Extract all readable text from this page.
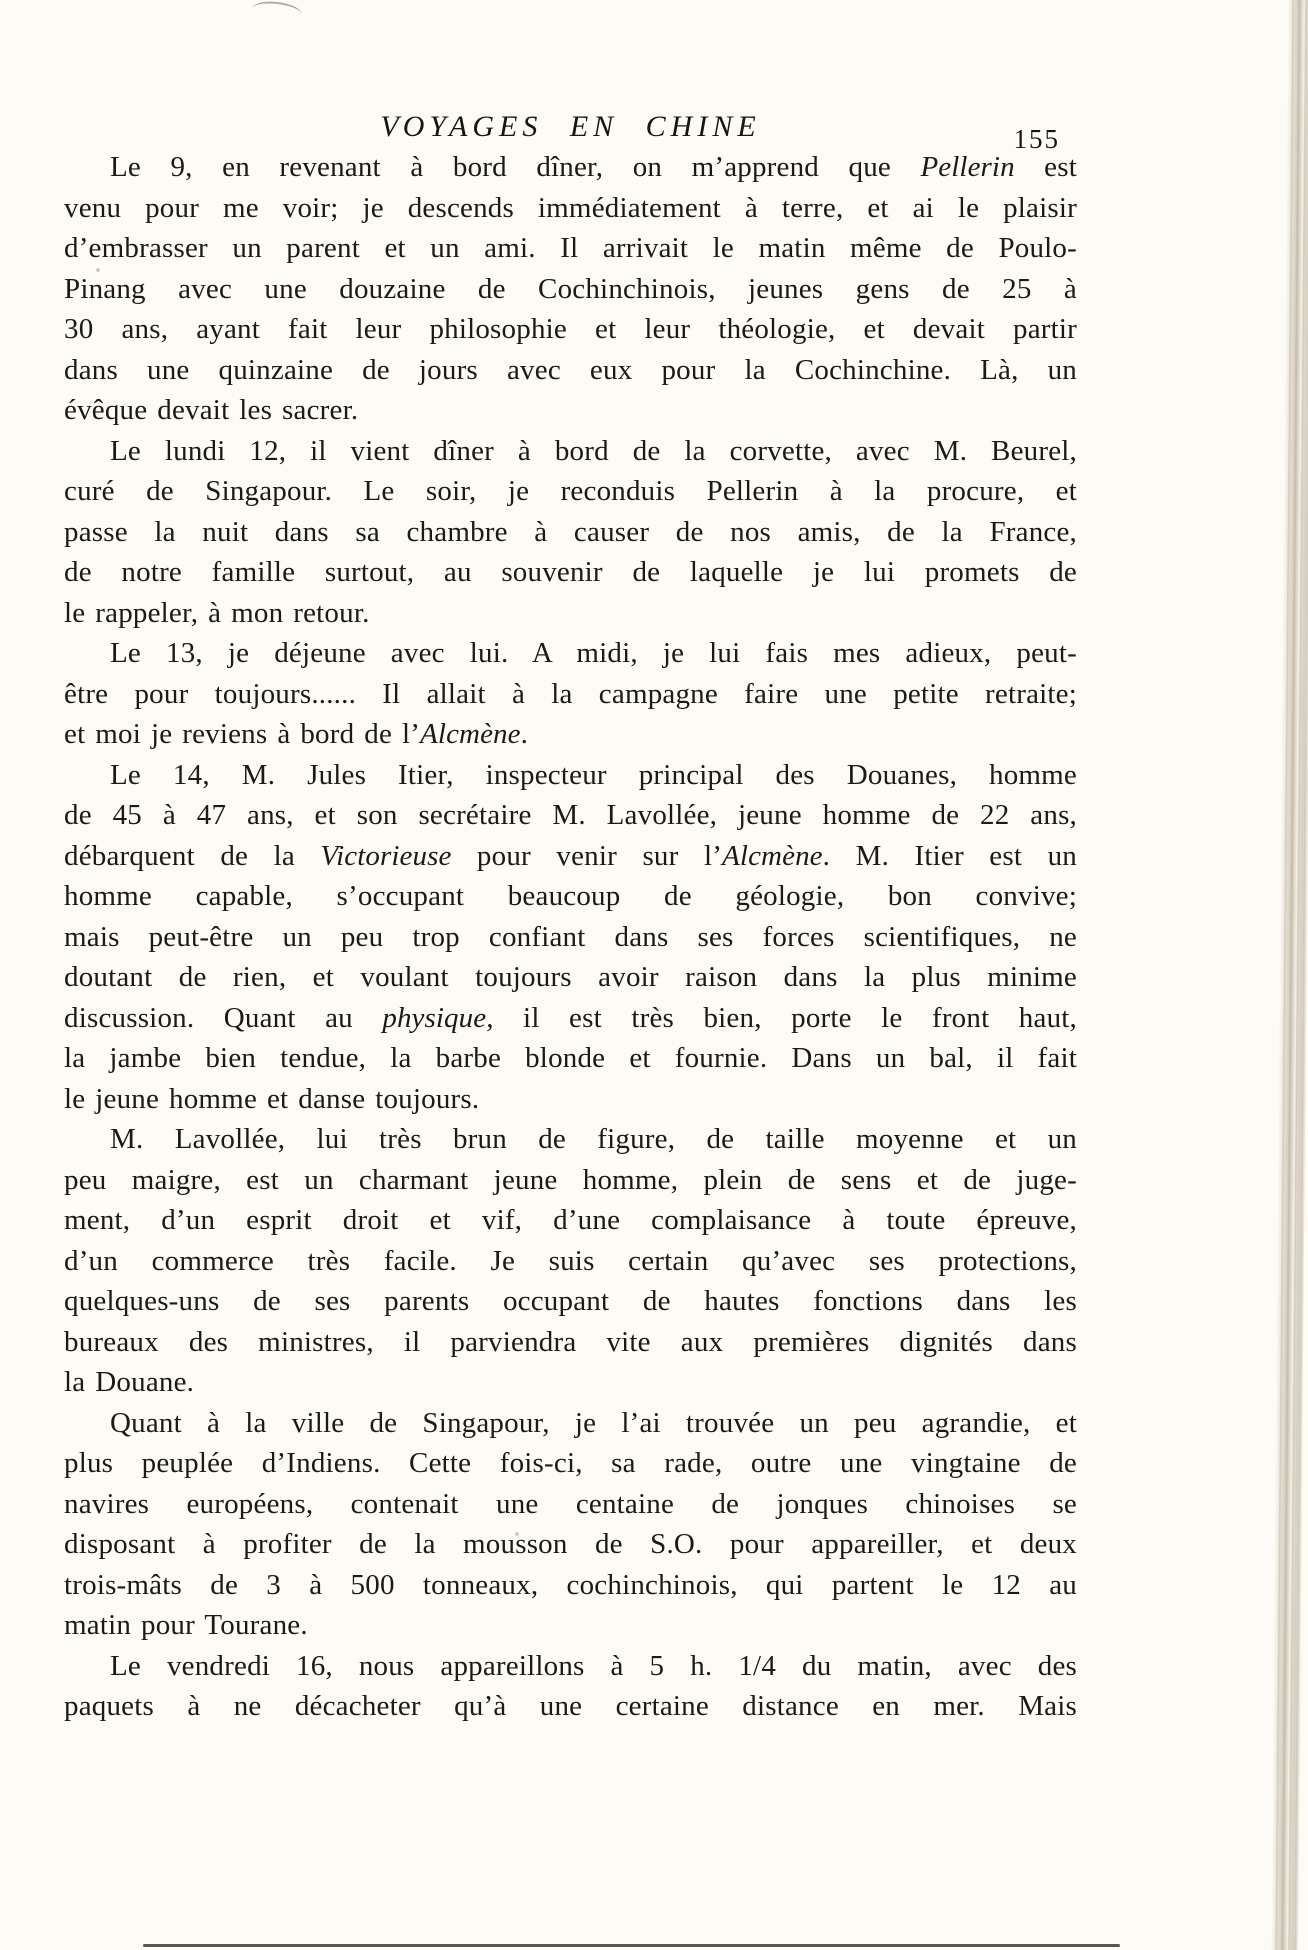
VOYAGES EN CHINE	155
Le 9, en revenant à bord dîner, on m’apprend que Pellerin est
venu pour me voir; je descends immédiatement à terre, et ai le plaisir
d’embrasser un parent et un ami. Il arrivait le matin même de Poulo-
Pinang avec une douzaine de Cochinchinois, jeunes gens de 25 à
30 ans, ayant fait leur philosophie et leur théologie, et devait partir
dans une quinzaine de jours avec eux pour la Cochinchine. Là, un
évêque devait les sacrer.
Le lundi 12, il vient dîner à bord de la corvette, avec M. Beurel,
curé de Singapour. Le soir, je reconduis Pellerin à la procure, et
passe la nuit dans sa chambre à causer de nos amis, de la France,
de notre famille surtout, au souvenir de laquelle je lui promets de
le rappeler, à mon retour.
Le 13, je déjeune avec lui. A midi, je lui fais mes adieux, peut-
être pour toujours...... Il allait à la campagne faire une petite retraite;
et moi je reviens à bord de l’Alcmène.
Le 14, M. Jules Itier, inspecteur principal des Douanes, homme
de 45 à 47 ans, et son secrétaire M. Lavollée, jeune homme de 22 ans,
débarquent de la Victorieuse pour venir sur l’Alcmène. M. Itier est un
homme capable, s’occupant beaucoup de géologie, bon convive;
mais peut-être un peu trop confiant dans ses forces scientifiques, ne
doutant de rien, et voulant toujours avoir raison dans la plus minime
discussion. Quant au physique, il est très bien, porte le front haut,
la jambe bien tendue, la barbe blonde et fournie. Dans un bal, il fait
le jeune homme et danse toujours.
M. Lavollée, lui très brun de figure, de taille moyenne et un
peu maigre, est un charmant jeune homme, plein de sens et de juge-
ment, d’un esprit droit et vif, d’une complaisance à toute épreuve,
d’un commerce très facile. Je suis certain qu’avec ses protections,
quelques-uns de ses parents occupant de hautes fonctions dans les
bureaux des ministres, il parviendra vite aux premières dignités dans
la Douane.
Quant à la ville de Singapour, je l’ai trouvée un peu agrandie, et
plus peuplée d’Indiens. Cette fois-ci, sa rade, outre une vingtaine de
navires européens, contenait une centaine de jonques chinoises se
disposant à profiter de la mousson de S.O. pour appareiller, et deux
trois-mâts de 3 à 500 tonneaux, cochinchinois, qui partent le 12 au
matin pour Tourane.
Le vendredi 16, nous appareillons à 5 h. 1/4 du matin, avec des
paquets à ne décacheter qu’à une certaine distance en mer. Mais
